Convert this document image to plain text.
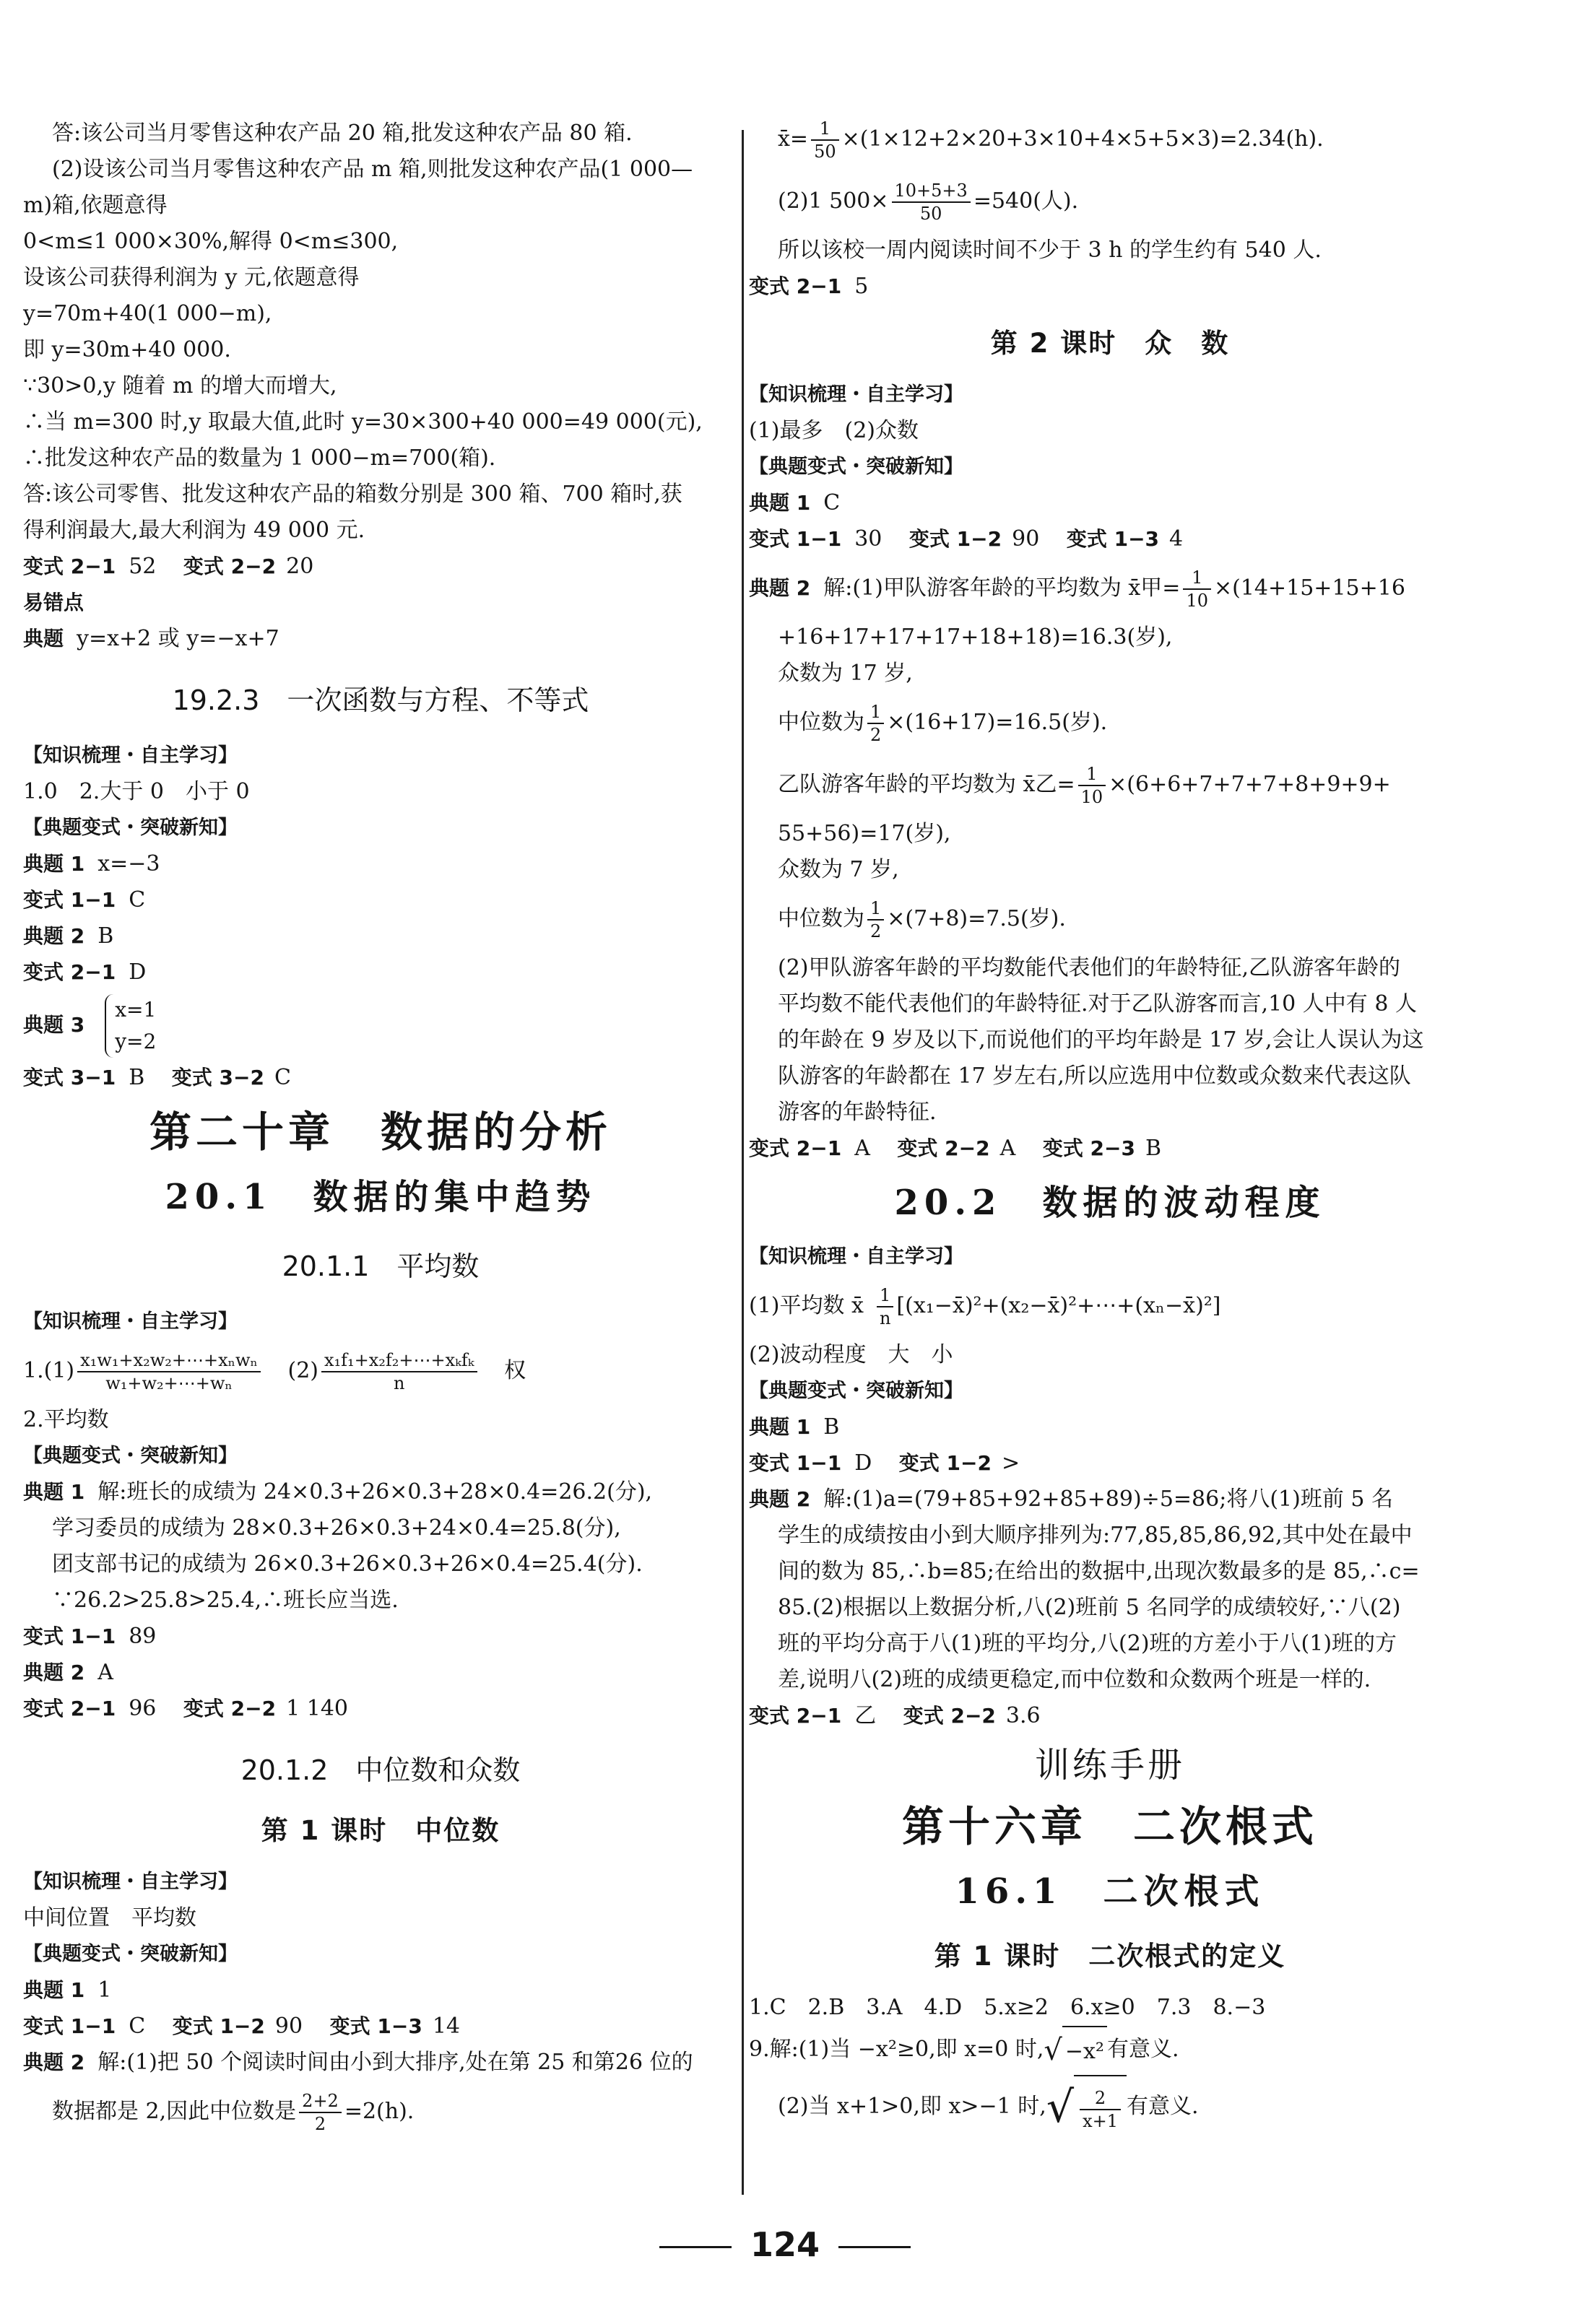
答:该公司当月零售这种农产品 20 箱,批发这种农产品 80 箱.
(2)设该公司当月零售这种农产品 m 箱,则批发这种农产品(1 000—
m)箱,依题意得
0<m≤1 000×30%,解得 0<m≤300,
设该公司获得利润为 y 元,依题意得
y=70m+40(1 000−m),
即 y=30m+40 000.
∵30>0,y 随着 m 的增大而增大,
∴当 m=300 时,y 取最大值,此时 y=30×300+40 000=49 000(元),
∴批发这种农产品的数量为 1 000−m=700(箱).
答:该公司零售、批发这种农产品的箱数分别是 300 箱、700 箱时,获
得利润最大,最大利润为 49 000 元.
变式 2−1 52 变式 2−2 20
易错点
典题 y=x+2 或 y=−x+7
19.2.3　一次函数与方程、不等式
【知识梳理・自主学习】
1.0　2.大于 0　小于 0
【典题变式・突破新知】
典题 1 x=−3
变式 1−1 C
典题 2 B
变式 2−1 D
典题 3
x=1
y=2
变式 3−1 B 变式 3−2 C
第二十章　数据的分析
20.1　数据的集中趋势
20.1.1　平均数
【知识梳理・自主学习】
$1.(1) \frac{\text{x₁w₁+x₂w₂+⋯+xₙwₙ}}{\text{w₁+w₂+⋯+wₙ}} (2) \frac{\text{x₁f₁+x₂f₂+⋯+xₖfₖ}}{n}$ 权
2.平均数
【典题变式・突破新知】
典题 1 解:班长的成绩为 24×0.3+26×0.3+28×0.4=26.2(分),
学习委员的成绩为 28×0.3+26×0.3+24×0.4=25.8(分),
团支部书记的成绩为 26×0.3+26×0.3+26×0.4=25.4(分).
∵26.2>25.8>25.4,∴班长应当选.
变式 1−1 89
典题 2 A
变式 2−1 96 变式 2−2 1 140
20.1.2　中位数和众数
第 1 课时　中位数
【知识梳理・自主学习】
中间位置　平均数
【典题变式・突破新知】
典题 1 1
变式 1−1 C 变式 1−2 90 变式 1−3 14
典题 2 解:(1)把 50 个阅读时间由小到大排序,处在第 25 和第26 位的
数据都是 2,因此中位数是 $\frac{2+2}{2} =2(h)$.
x̄= $\frac{1}{50} \times(1\times 12+2\times 20+3\times 10+4\times 5+5\times 3)=2.34(h)$.
(2)1 $500\times \frac{10+5+3}{50} =540$(人).
所以该校一周内阅读时间不少于 3 h 的学生约有 540 人.
变式 2−1 5
第 2 课时　众　数
【知识梳理・自主学习】
(1)最多　(2)众数
【典题变式・突破新知】
典题 1 C
变式 1−1 30 变式 1−2 90 变式 1−3 4
典题 2 解:(1)甲队游客年龄的平均数为 x̄甲= $\frac{1}{10} \times(14+15+15+16$
+16+17+17+17+18+18)=16.3(岁),
众数为 17 岁,
中位数为 $\frac{1}{2} \times(16+17)=16.5$(岁).
乙队游客年龄的平均数为 x̄乙= $\frac{1}{10} \times(6+6+7+7+7+8+9+9+$
55+56)=17(岁),
众数为 7 岁,
中位数为 $\frac{1}{2} \times(7+8)=7.5$(岁).
(2)甲队游客年龄的平均数能代表他们的年龄特征,乙队游客年龄的
平均数不能代表他们的年龄特征.对于乙队游客而言,10 人中有 8 人
的年龄在 9 岁及以下,而说他们的平均年龄是 17 岁,会让人误认为这
队游客的年龄都在 17 岁左右,所以应选用中位数或众数来代表这队
游客的年龄特征.
变式 2−1 A 变式 2−2 A 变式 2−3 B
20.2　数据的波动程度
【知识梳理・自主学习】
(1)平均数 x̄ $\frac{1}{n}$ [(x₁−x̄)²+(x₂−x̄)²+⋯+(xₙ−x̄)²]
(2)波动程度　大　小
【典题变式・突破新知】
典题 1 B
变式 1−1 D 变式 1−2 >
典题 2 解:(1)a=(79+85+92+85+89)÷5=86;将八(1)班前 5 名
学生的成绩按由小到大顺序排列为:77,85,85,86,92,其中处在最中
间的数为 85,∴b=85;在给出的数据中,出现次数最多的是 85,∴c=
85.(2)根据以上数据分析,八(2)班前 5 名同学的成绩较好,∵八(2)
班的平均分高于八(1)班的平均分,八(2)班的方差小于八(1)班的方
差,说明八(2)班的成绩更稳定,而中位数和众数两个班是一样的.
变式 2−1 乙 变式 2−2 3.6
训练手册
第十六章　二次根式
16.1　二次根式
第 1 课时　二次根式的定义
1.C　2.B　3.A　4.D　5.x≥2　6.x≥0　7.3　8.−3
9.解:(1)当 −x²≥0,即 x=0 时,√ −x² 有意义.
(2)当 x+1>0,即 x>−1 时,√ $\frac{2}{x+1}$ 有意义.
124
